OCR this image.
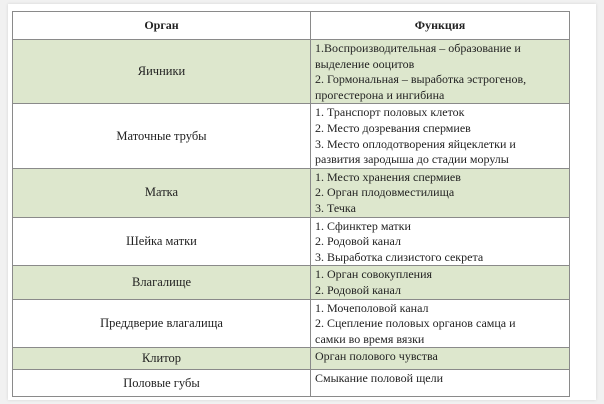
Орган	Функция
Яичники	1.Воспроизводительная – образование и
выделение ооцитов
2. Гормональная – выработка эстрогенов,
прогестерона и ингибина

Маточные трубы	1. Транспорт половых клеток
2. Место дозревания спермиев
3. Место оплодотворения яйцеклетки и
развития зародыша до стадии морулы

Матка	1. Место хранения спермиев
2. Орган плодовместилища
3. Течка

Шейка матки	1. Сфинктер матки
2. Родовой канал
3. Выработка слизистого секрета

Влагалище	1. Орган совокупления
2. Родовой канал

Преддверие влагалища	1. Мочеполовой канал
2. Сцепление половых органов самца и
самки во время вязки

Клитор	Орган полового чувства

Половые губы	Смыкание половой щели
